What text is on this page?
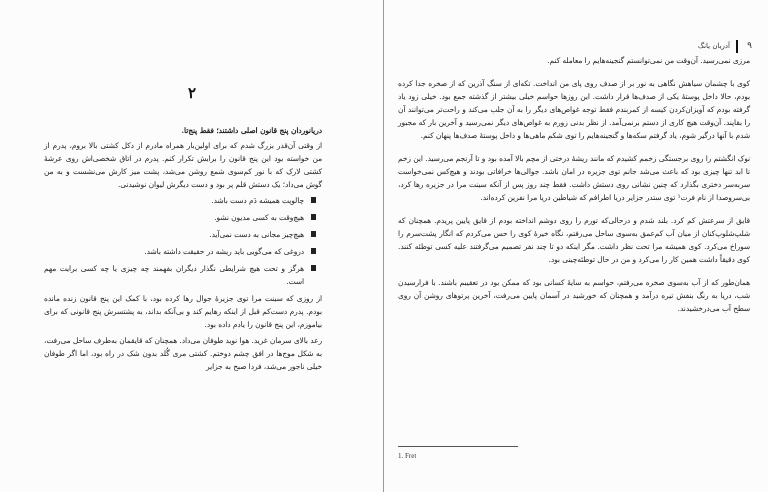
۲

دریانوردان پنج قانون اصلی داشتند؛ فقط پنج‌تا.

از وقتی آن‌قدر بزرگ شدم که برای اولین‌بار همراه مادرم از دکل کشتی بالا بروم، پدرم از من خواسته بود این پنج قانون را برایش تکرار کنم. پدرم در اتاق شخصی‌اش روی عرشهٔ کشتی لارک که با نور کم‌سوی شمع روشن می‌شد، پشت میز کارش می‌نشست و به من گوش می‌داد؛ یک دستش قلم پر بود و دست دیگرش لیوان نوشیدنی.

چالوپت همیشه دَم دست باشد.
هیچ‌وقت به کسی مدیون نشو.
هیچ‌چیز مجانی به دست نمی‌آید.
دروغی که می‌گویی باید ریشه در حقیقت داشته باشد.
هرگز و تحت هیچ شرایطی نگذار دیگران بفهمند چه چیزی یا چه کسی برایت مهم است.

از روزی که سینت مرا توی جزیرهٔ جوال رها کرده بود، با کمک این پنج قانون زنده مانده بودم. پدرم دست‌کم قبل از اینکه رهایم کند و بی‌آنکه بداند، به پشتسرش پنج قانونی که برای بیاموزم، این پنج قانون را یادم داده بود.

رعد بالای سرمان غرید. هوا نوید طوفان می‌داد. همچنان که قایقمان به‌طرف ساحل می‌رفت، به شکل موج‌ها در افق چشم دوختم. کشتی مری گُلد بدون شک در راه بود، اما اگر طوفان خیلی ناجور می‌شد، فردا صبح به جزایر

۹
آدریان یانگ

مرزی نمی‌رسید. آن‌وقت من نمی‌توانستم گنجینه‌هایم را معامله کنم.

کوی با چشمان سیاهش نگاهی به نور بر از صدف روی پای من انداخت. تکه‌ای از سنگ آذرین که از صخره جدا کرده بودم، حالا داخل پوستهٔ یکی از صدف‌ها قرار داشت. این روزها حواسم خیلی بیشتر از گذشته جمع بود. خیلی زود یاد گرفته بودم که آویزان‌کردن کیسه از کمربندم فقط توجه غواص‌های دیگر را به آن جلب می‌کند و راحت‌تر می‌توانند آن را بقاپند. آن‌وقت هیچ کاری از دستم برنمی‌آمد. از نظر بدنی زورم به غواص‌های دیگر نمی‌رسید و آخرین بار که مجبور شدم با آنها درگیر شوم، یاد گرفتم سکه‌ها و گنجینه‌هایم را توی شکم ماهی‌ها و داخل پوستهٔ صدف‌ها پنهان کنم.

نوک انگشتم را روی برجستگی زخمم کشیدم که مانند ریشهٔ درختی از مچم بالا آمده بود و تا آرنجم می‌رسید. این زخم تا ابد تنها چیزی بود که باعث می‌شد جانم توی جزیره در امان باشد. جوالی‌ها خرافاتی بودند و هیچ‌کس نمی‌خواست سربه‌سر دختری بگذارد که چنین نشانی روی دستش داشت. فقط چند روز پس از آنکه سینت مرا در جزیره رها کرد، بی‌سروصدا از نام فرت¹ توی ستدر جزایر دریا اطرافم که شیاطین دریا مرا نفرین کرده‌اند.

قایق از سرعتش کم کرد. بلند شدم و درحالی‌که تورم را روی دوشم انداخته بودم از قایق پایین پریدم. همچنان که شلپ‌شلوپ‌کنان از میان آب کم‌عمق به‌سوی ساحل می‌رفتم، نگاه خیرهٔ کوی را حس می‌کردم که انگار پشت‌سرم را سوراخ می‌کرد. کوی همیشه مرا تحت نظر داشت. مگر اینکه دو تا چند نفر تصمیم می‌گرفتند علیه کسی توطئه کنند. کوی دقیقاً داشت همین کار را می‌کرد و من در حال توطئه‌چینی بود.

همان‌طور که از آب به‌سوی صخره می‌رفتم، حواسم به سایهٔ کسانی بود که ممکن بود در تعقیبم باشند. با فرارسیدن شب، دریا به رنگ بنفش تیره درآمد و همچنان که خورشید در آسمان پایین می‌رفت، آخرین پرتوهای روشن آن روی سطح آب می‌درخشیدند.

1. Fret
